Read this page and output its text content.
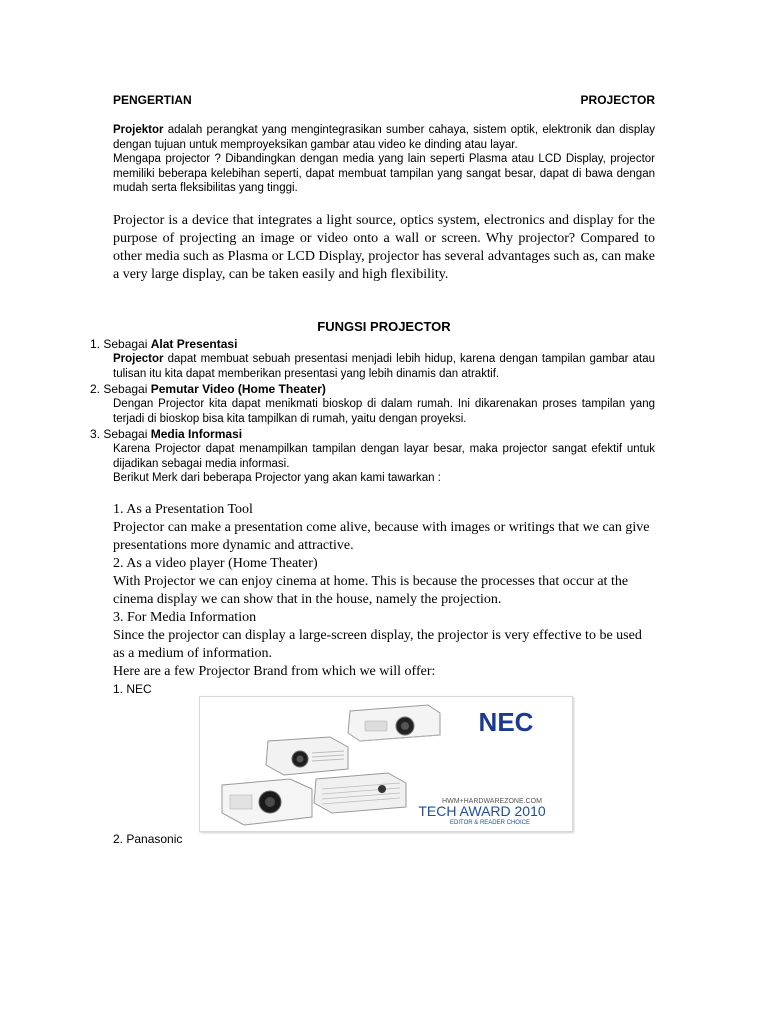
PENGERTIAN	PROJECTOR
Projektor adalah perangkat yang mengintegrasikan sumber cahaya, sistem optik, elektronik dan display dengan tujuan untuk memproyeksikan gambar atau video ke dinding atau layar.
Mengapa projector ? Dibandingkan dengan media yang lain seperti Plasma atau LCD Display, projector memiliki beberapa kelebihan seperti, dapat membuat tampilan yang sangat besar, dapat di bawa dengan mudah serta fleksibilitas yang tinggi.
Projector is a device that integrates a light source, optics system, electronics and display for the purpose of projecting an image or video onto a wall or screen. Why projector? Compared to other media such as Plasma or LCD Display, projector has several advantages such as, can make a very large display, can be taken easily and high flexibility.
FUNGSI PROJECTOR
1. Sebagai Alat Presentasi
Projector dapat membuat sebuah presentasi menjadi lebih hidup, karena dengan tampilan gambar atau tulisan itu kita dapat memberikan presentasi yang lebih dinamis dan atraktif.
2. Sebagai Pemutar Video (Home Theater)
Dengan Projector kita dapat menikmati bioskop di dalam rumah. Ini dikarenakan proses tampilan yang terjadi di bioskop bisa kita tampilkan di rumah, yaitu dengan proyeksi.
3. Sebagai Media Informasi
Karena Projector dapat menampilkan tampilan dengan layar besar, maka projector sangat efektif untuk dijadikan sebagai media informasi.
Berikut Merk dari beberapa Projector yang akan kami tawarkan :

1. As a Presentation Tool

Projector can make a presentation come alive, because with images or writings that we can give presentations more dynamic and attractive.

2. As a video player (Home Theater)

With Projector we can enjoy cinema at home. This is because the processes that occur at the cinema display we can show that in the house, namely the projection.

3. For Media Information

Since the projector can display a large-screen display, the projector is very effective to be used as a medium of information.

Here are a few Projector Brand from which we will offer:

1. NEC
NEC
HWM+HARDWAREZONE.COM
TECH AWARD 2010
EDITOR & READER CHOICE
2. Panasonic
